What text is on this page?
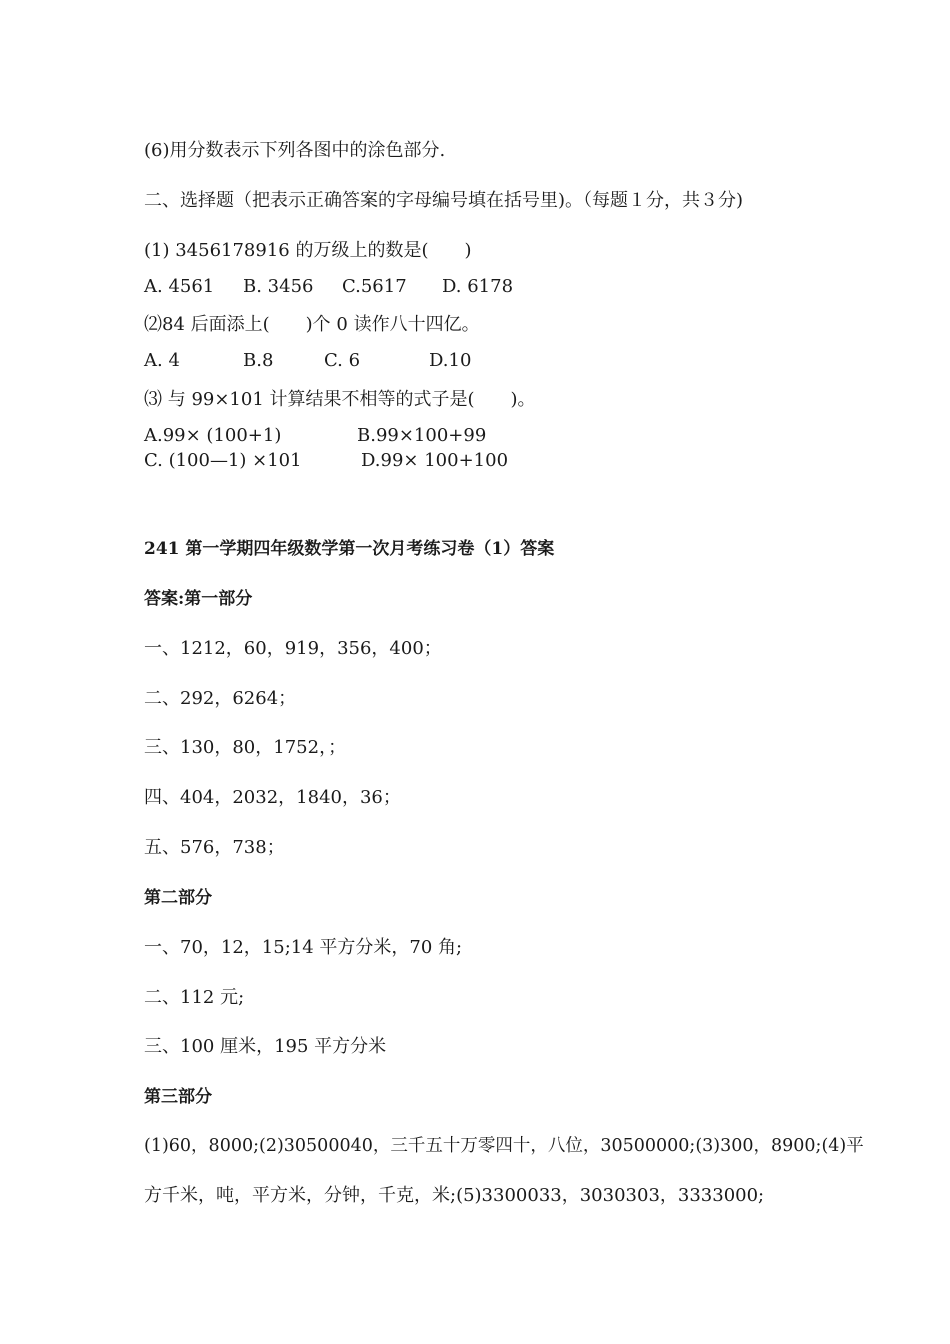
(6)用分数表示下列各图中的涂色部分.
二、选择题（把表示正确答案的字母编号填在括号里)。（每题１分，共３分)
(1) 3456178916 的万级上的数是(　　)
A. 4561 B. 3456 C.5617 D. 6178
⑵84 后面添上(　　)个 0 读作八十四亿。
A. 4	B.8	C. 6	D.10
⑶ 与 99×101 计算结果不相等的式子是(　　)。
A.99× (100+1)	B.99×100+99
C. (100—1) ×101	D.99× 100+100
241 第一学期四年级数学第一次月考练习卷（1）答案
答案:第一部分
一、1212，60，919，356，400；
二、292，6264；
三、130，80，1752，；
四、404，2032，1840，36；
五、576，738；
第二部分
一、70，12，15;14 平方分米，70 角;
二、112 元;
三、100 厘米，195 平方分米
第三部分
(1)60，8000;(2)30500040，三千五十万零四十，八位，30500000;(3)300，8900;(4)平
方千米，吨，平方米，分钟，千克，米;(5)3300033，3030303，3333000;
